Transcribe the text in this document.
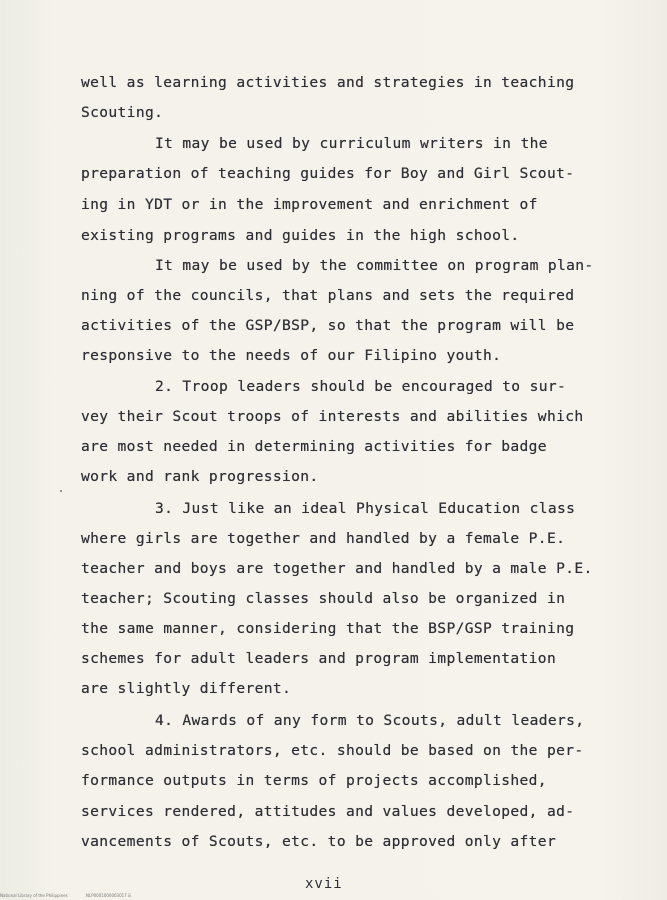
well as learning activities and strategies in teaching
Scouting.
It may be used by curriculum writers in the
preparation of teaching guides for Boy and Girl Scout-
ing in YDT or in the improvement and enrichment of
existing programs and guides in the high school.
It may be used by the committee on program plan-
ning of the councils, that plans and sets the required
activities of the GSP/BSP, so that the program will be
responsive to the needs of our Filipino youth.
2. Troop leaders should be encouraged to sur-
vey their Scout troops of interests and abilities which
are most needed in determining activities for badge
work and rank progression.
3. Just like an ideal Physical Education class
where girls are together and handled by a female P.E.
teacher and boys are together and handled by a male P.E.
teacher; Scouting classes should also be organized in
the same manner, considering that the BSP/GSP training
schemes for adult leaders and program implementation
are slightly different.
4. Awards of any form to Scouts, adult leaders,
school administrators, etc. should be based on the per-
formance outputs in terms of projects accomplished,
services rendered, attitudes and values developed, ad-
vancements of Scouts, etc. to be approved only after
xvii
National Library of the Philippines	NLP0001000003017 iii
